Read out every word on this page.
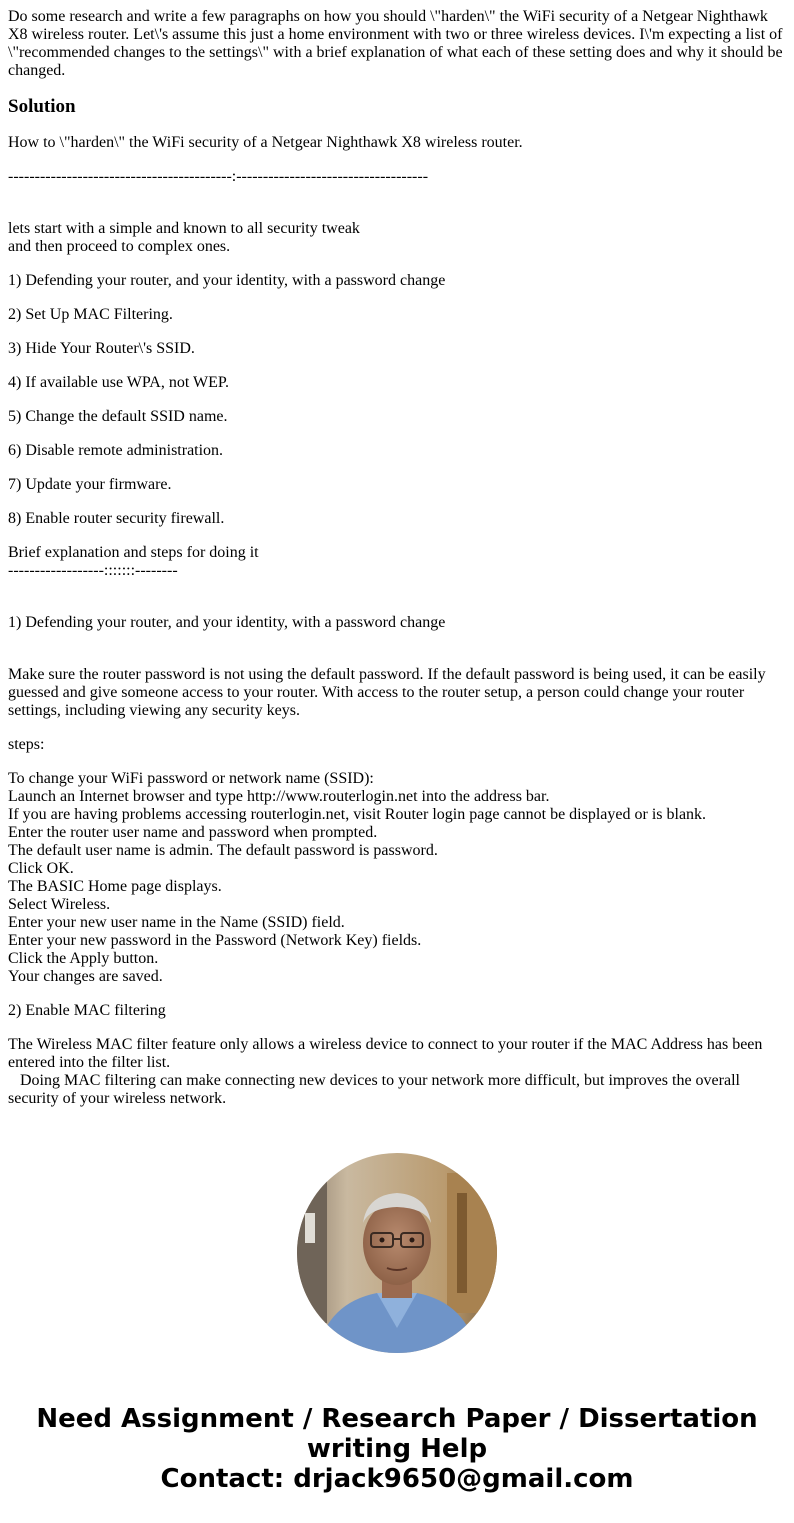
Do some research and write a few paragraphs on how you should \"harden\" the WiFi security of a Netgear Nighthawk X8 wireless router. Let\'s assume this just a home environment with two or three wireless devices. I\'m expecting a list of \"recommended changes to the settings\" with a brief explanation of what each of these setting does and why it should be changed.

Solution

How to \"harden\" the WiFi security of a Netgear Nighthawk X8 wireless router.

------------------------------------------:------------------------------------

lets start with a simple and known to all security tweak
and then proceed to complex ones.

1) Defending your router, and your identity, with a password change

2) Set Up MAC Filtering.

3) Hide Your Router\'s SSID.

4) If available use WPA, not WEP.

5) Change the default SSID name.

6) Disable remote administration.

7) Update your firmware.

8) Enable router security firewall.

Brief explanation and steps for doing it
------------------:::::::--------

1) Defending your router, and your identity, with a password change

Make sure the router password is not using the default password. If the default password is being used, it can be easily guessed and give someone access to your router. With access to the router setup, a person could change your router settings, including viewing any security keys.

steps:

To change your WiFi password or network name (SSID):
Launch an Internet browser and type http://www.routerlogin.net into the address bar.
If you are having problems accessing routerlogin.net, visit Router login page cannot be displayed or is blank.
Enter the router user name and password when prompted.
The default user name is admin. The default password is password.
Click OK.
The BASIC Home page displays.
Select Wireless.
Enter your new user name in the Name (SSID) field.
Enter your new password in the Password (Network Key) fields.
Click the Apply button.
Your changes are saved.

2) Enable MAC filtering

The Wireless MAC filter feature only allows a wireless device to connect to your router if the MAC Address has been entered into the filter list.
Doing MAC filtering can make connecting new devices to your network more difficult, but improves the overall security of your wireless network.

Need Assignment / Research Paper / Dissertation
writing Help
Contact: drjack9650@gmail.com
